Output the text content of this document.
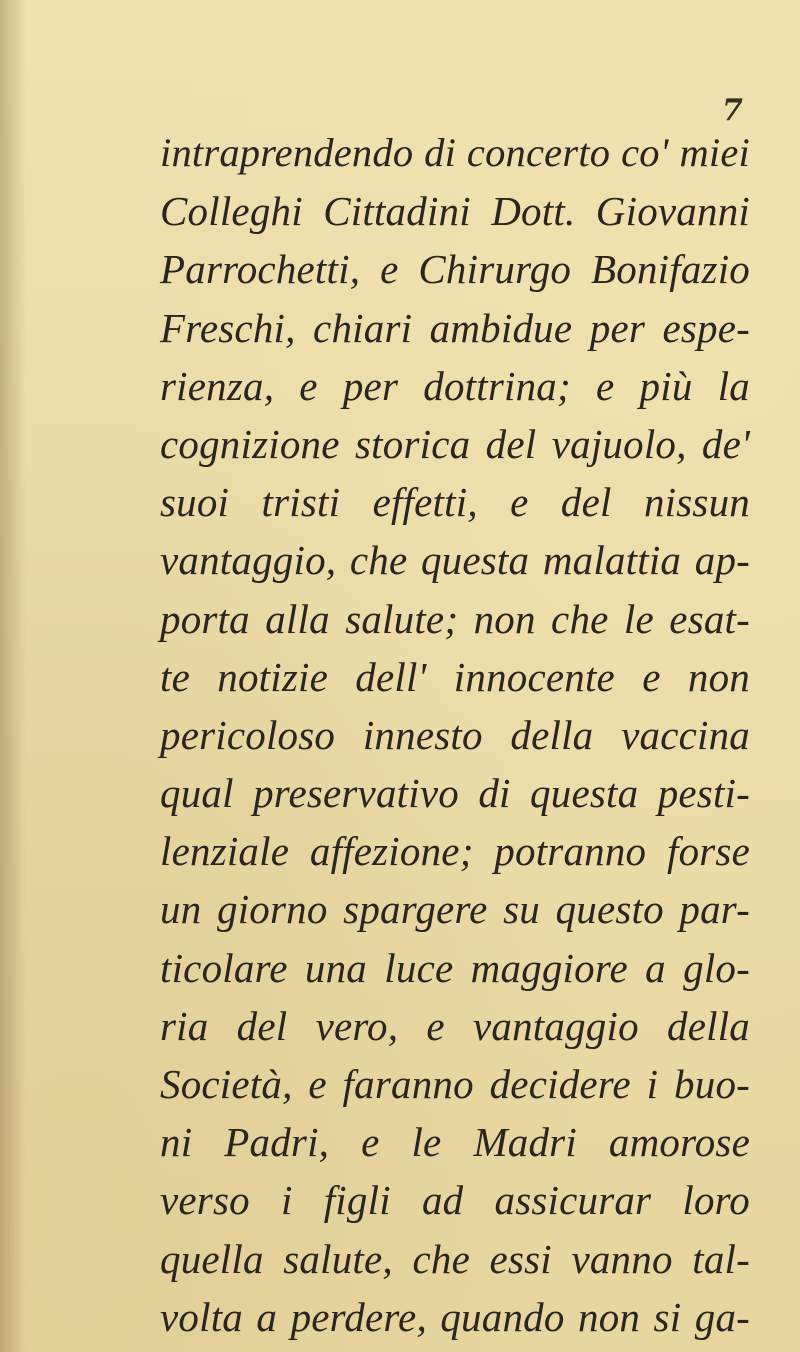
7
intraprendendo di concerto co' miei
Colleghi Cittadini Dott. Giovanni
Parrochetti, e Chirurgo Bonifazio
Freschi, chiari ambidue per espe-
rienza, e per dottrina; e più la
cognizione storica del vajuolo, de'
suoi tristi effetti, e del nissun
vantaggio, che questa malattia ap-
porta alla salute; non che le esat-
te notizie dell' innocente e non
pericoloso innesto della vaccina
qual preservativo di questa pesti-
lenziale affezione; potranno forse
un giorno spargere su questo par-
ticolare una luce maggiore a glo-
ria del vero, e vantaggio della
Società, e faranno decidere i buo-
ni Padri, e le Madri amorose
verso i figli ad assicurar loro
quella salute, che essi vanno tal-
volta a perdere, quando non si ga-
